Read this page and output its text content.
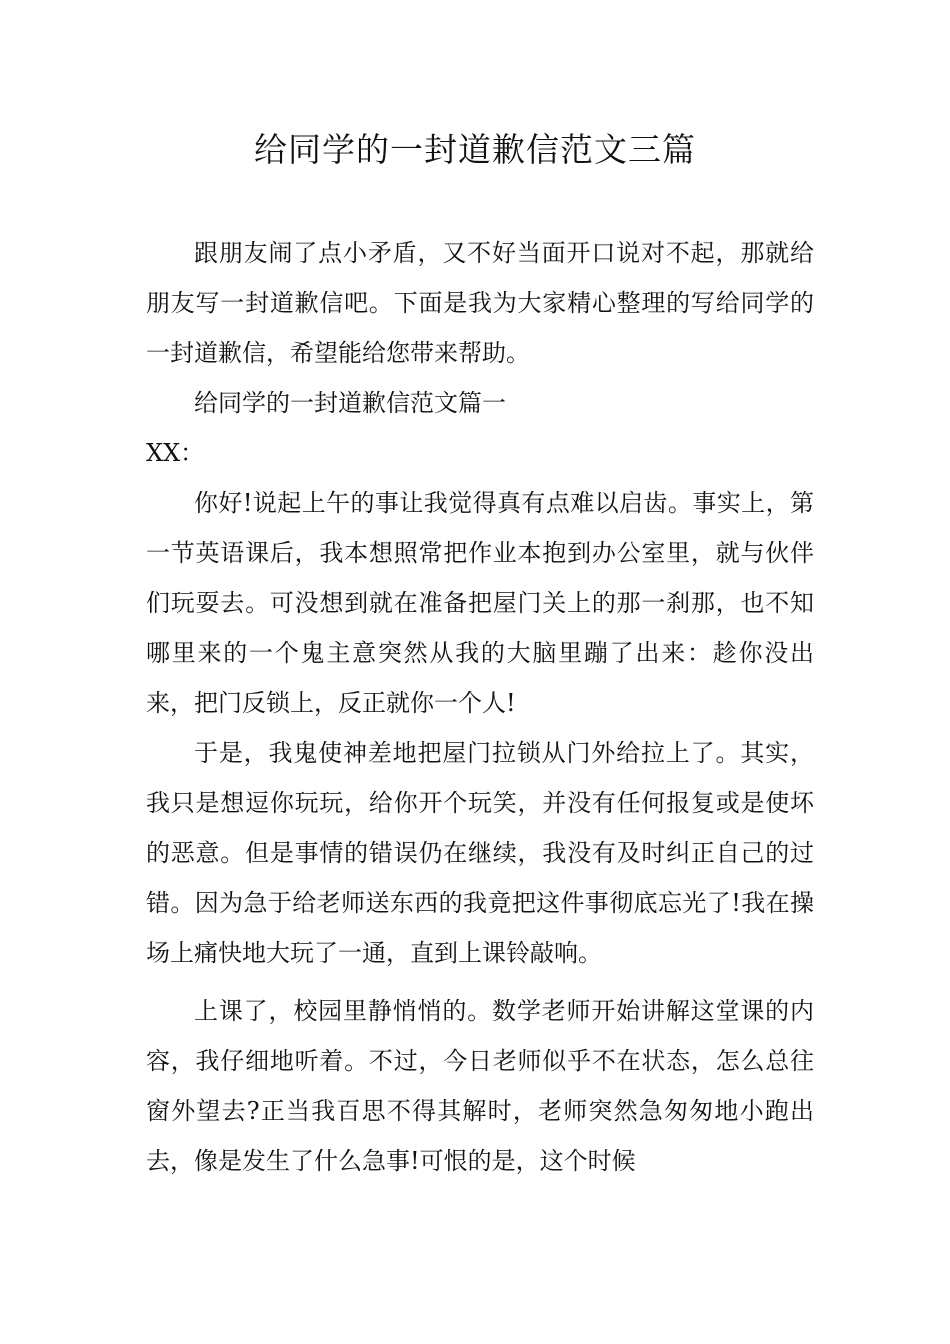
给同学的一封道歉信范文三篇

跟朋友闹了点小矛盾，又不好当面开口说对不起，那就给朋友写一封道歉信吧。下面是我为大家精心整理的写给同学的一封道歉信，希望能给您带来帮助。

给同学的一封道歉信范文篇一

XX：

你好!说起上午的事让我觉得真有点难以启齿。事实上，第一节英语课后，我本想照常把作业本抱到办公室里，就与伙伴们玩耍去。可没想到就在准备把屋门关上的那一刹那，也不知哪里来的一个鬼主意突然从我的大脑里蹦了出来：趁你没出来，把门反锁上，反正就你一个人!

于是，我鬼使神差地把屋门拉锁从门外给拉上了。其实，我只是想逗你玩玩，给你开个玩笑，并没有任何报复或是使坏的恶意。但是事情的错误仍在继续，我没有及时纠正自己的过错。因为急于给老师送东西的我竟把这件事彻底忘光了!我在操场上痛快地大玩了一通，直到上课铃敲响。

上课了，校园里静悄悄的。数学老师开始讲解这堂课的内容，我仔细地听着。不过，今日老师似乎不在状态，怎么总往窗外望去?正当我百思不得其解时，老师突然急匆匆地小跑出去，像是发生了什么急事!可恨的是，这个时候
